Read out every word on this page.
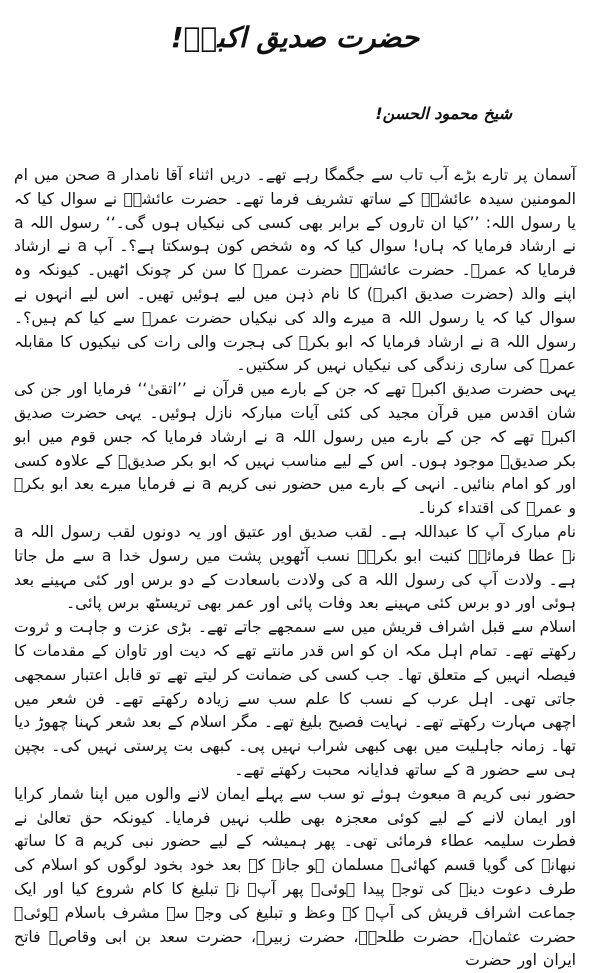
حضرت صدیق اکبرؓ!
شیخ محمود الحسن!

آسمان پر تارے بڑے آب تاب سے جگمگا رہے تھے۔ دریں اثناء آقا نامدار a صحن میں ام المومنین سیدہ عائشہؓ کے ساتھ تشریف فرما تھے۔ حضرت عائشہؓ نے سوال کیا کہ یا رسول اللہ: ’’کیا ان تاروں کے برابر بھی کسی کی نیکیاں ہوں گی۔‘‘ رسول اللہ a نے ارشاد فرمایا کہ ہاں! سوال کیا کہ وہ شخص کون ہوسکتا ہے؟۔ آپ a نے ارشاد فرمایا کہ عمرؓ۔ حضرت عائشہؓ حضرت عمرؓ کا سن کر چونک اٹھیں۔ کیونکہ وہ اپنے والد (حضرت صدیق اکبرؓ) کا نام ذہن میں لیے ہوئیں تھیں۔ اس لیے انہوں نے سوال کیا کہ یا رسول اللہ a میرے والد کی نیکیاں حضرت عمرؓ سے کیا کم ہیں؟۔ رسول اللہ a نے ارشاد فرمایا کہ ابو بکرؓ کی ہجرت والی رات کی نیکیوں کا مقابلہ عمرؓ کی ساری زندگی کی نیکیاں نہیں کر سکتیں۔

یہی حضرت صدیق اکبرؓ تھے کہ جن کے بارے میں قرآن نے ’’اتقیٰ‘‘ فرمایا اور جن کی شان اقدس میں قرآن مجید کی کئی آیات مبارکہ نازل ہوئیں۔ یہی حضرت صدیق اکبرؓ تھے کہ جن کے بارے میں رسول اللہ a نے ارشاد فرمایا کہ جس قوم میں ابو بکر صدیقؓ موجود ہوں۔ اس کے لیے مناسب نہیں کہ ابو بکر صدیقؓ کے علاوہ کسی اور کو امام بنائیں۔ انہی کے بارے میں حضور نبی کریم a نے فرمایا میرے بعد ابو بکرؓ و عمرؓ کی اقتداء کرنا۔

نام مبارک آپ کا عبداللہ ہے۔ لقب صدیق اور عتیق اور یہ دونوں لقب رسول اللہ a نے عطا فرمائے۔ کنیت ابو بکرؓ۔ نسب آٹھویں پشت میں رسول خدا a سے مل جاتا ہے۔ ولادت آپ کی رسول اللہ a کی ولادت باسعادت کے دو برس اور کئی مہینے بعد ہوئی اور دو برس کئی مہینے بعد وفات پائی اور عمر بھی تریسٹھ برس پائی۔

اسلام سے قبل اشراف قریش میں سے سمجھے جاتے تھے۔ بڑی عزت و جاہت و ثروت رکھتے تھے۔ تمام اہل مکہ ان کو اس قدر مانتے تھے کہ دیت اور تاوان کے مقدمات کا فیصلہ انہیں کے متعلق تھا۔ جب کسی کی ضمانت کر لیتے تھے تو قابل اعتبار سمجھی جاتی تھی۔ اہل عرب کے نسب کا علم سب سے زیادہ رکھتے تھے۔ فن شعر میں اچھی مہارت رکھتے تھے۔ نہایت فصیح بلیغ تھے۔ مگر اسلام کے بعد شعر کہنا چھوڑ دیا تھا۔ زمانہ جاہلیت میں بھی کبھی شراب نہیں پی۔ کبھی بت پرستی نہیں کی۔ بچپن ہی سے حضور a کے ساتھ فدایانہ محبت رکھتے تھے۔

حضور نبی کریم a مبعوث ہوئے تو سب سے پہلے ایمان لانے والوں میں اپنا شمار کرایا اور ایمان لانے کے لیے کوئی معجزہ بھی طلب نہیں فرمایا۔ کیونکہ حق تعالیٰ نے فطرت سلیمہ عطاء فرمائی تھی۔ پھر ہمیشہ کے لیے حضور نبی کریم a کا ساتھ نبھانے کی گویا قسم کھائی۔ مسلمان ہو جانے کے بعد خود بخود لوگوں کو اسلام کی طرف دعوت دینے کی توجہ پیدا ہوئی۔ پھر آپؓ نے تبلیغ کا کام شروع کیا اور ایک جماعت اشراف قریش کی آپؓ کے وعظ و تبلیغ کی وجہ سے مشرف باسلام ہوئی۔ حضرت عثمانؓ، حضرت طلحہؓ، حضرت زبیرؓ، حضرت سعد بن ابی وقاصؓ فاتح ایران اور حضرت
